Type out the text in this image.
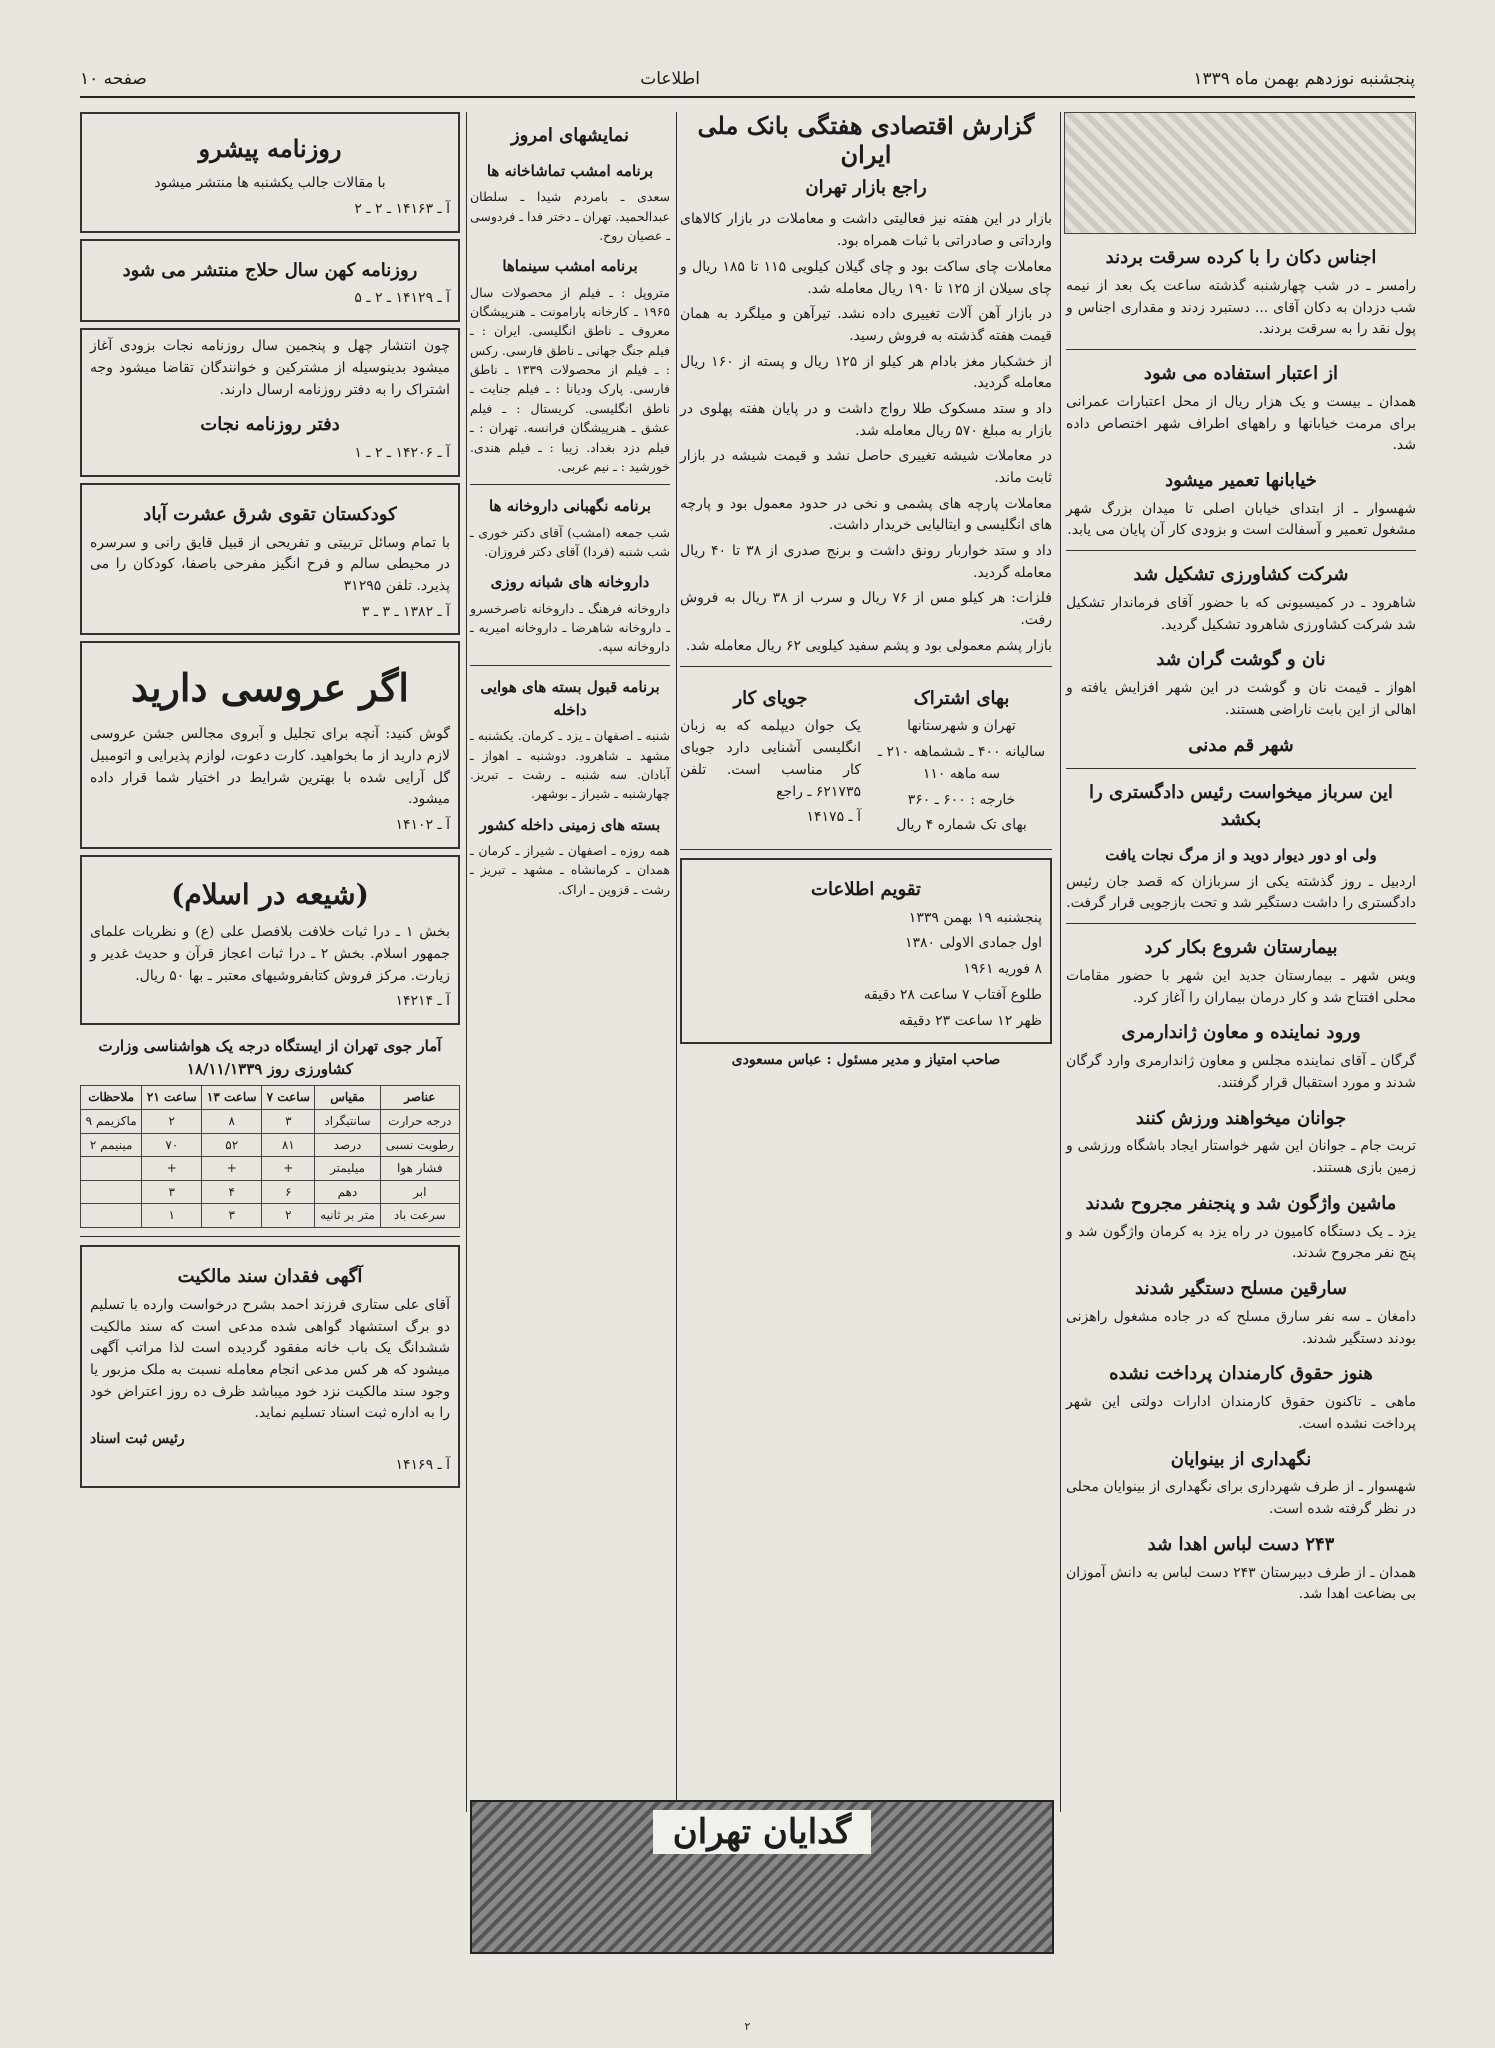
صفحه ۱۰	اطلاعات	پنجشنبه نوزدهم بهمن ماه ۱۳۳۹
اجناس دکان را با کرده سرقت بردند

رامسر ـ در شب چهارشنبه گذشته ساعت یک بعد از نیمه شب دزدان به دکان آقای ... دستبرد زدند و مقداری اجناس و پول نقد را به سرقت بردند.

از اعتبار استفاده می شود

همدان ـ بیست و یک هزار ریال از محل اعتبارات عمرانی برای مرمت خیابانها و راههای اطراف شهر اختصاص داده شد.

خیابانها تعمیر میشود

شهسوار ـ از ابتدای خیابان اصلی تا میدان بزرگ شهر مشغول تعمیر و آسفالت است و بزودی کار آن پایان می یابد.

شرکت کشاورزی تشکیل شد

شاهرود ـ در کمیسیونی که با حضور آقای فرماندار تشکیل شد شرکت کشاورزی شاهرود تشکیل گردید.

نان و گوشت گران شد

اهواز ـ قیمت نان و گوشت در این شهر افزایش یافته و اهالی از این بابت ناراضی هستند.

شهر قم مدنی
این سرباز میخواست رئیس دادگستری را بکشد
ولی او دور دیوار دوید و از مرگ نجات یافت

اردبیل ـ روز گذشته یکی از سربازان که قصد جان رئیس دادگستری را داشت دستگیر شد و تحت بازجویی قرار گرفت.

بیمارستان شروع بکار کرد

ویس شهر ـ بیمارستان جدید این شهر با حضور مقامات محلی افتتاح شد و کار درمان بیماران را آغاز کرد.

ورود نماینده و معاون ژاندارمری

گرگان ـ آقای نماینده مجلس و معاون ژاندارمری وارد گرگان شدند و مورد استقبال قرار گرفتند.

جوانان میخواهند ورزش کنند

تربت جام ـ جوانان این شهر خواستار ایجاد باشگاه ورزشی و زمین بازی هستند.

ماشین واژگون شد و پنجنفر مجروح شدند

یزد ـ یک دستگاه کامیون در راه یزد به کرمان واژگون شد و پنج نفر مجروح شدند.

سارقین مسلح دستگیر شدند

دامغان ـ سه نفر سارق مسلح که در جاده مشغول راهزنی بودند دستگیر شدند.

هنوز حقوق کارمندان پرداخت نشده

ماهی ـ تاکنون حقوق کارمندان ادارات دولتی این شهر پرداخت نشده است.

نگهداری از بینوایان

شهسوار ـ از طرف شهرداری برای نگهداری از بینوایان محلی در نظر گرفته شده است.

۲۴۳ دست لباس اهدا شد

همدان ـ از طرف دبیرستان ۲۴۳ دست لباس به دانش آموزان بی بضاعت اهدا شد.

گزارش اقتصادی هفتگی بانک ملی ایران
راجع بازار تهران

بازار در این هفته نیز فعالیتی داشت و معاملات در بازار کالاهای وارداتی و صادراتی با ثبات همراه بود.

معاملات چای ساکت بود و چای گیلان کیلویی ۱۱۵ تا ۱۸۵ ریال و چای سیلان از ۱۲۵ تا ۱۹۰ ریال معامله شد.

در بازار آهن آلات تغییری داده نشد. تیرآهن و میلگرد به همان قیمت هفته گذشته به فروش رسید.

از خشکبار مغز بادام هر کیلو از ۱۲۵ ریال و پسته از ۱۶۰ ریال معامله گردید.

داد و ستد مسکوک طلا رواج داشت و در پایان هفته پهلوی در بازار به مبلغ ۵۷۰ ریال معامله شد.

در معاملات شیشه تغییری حاصل نشد و قیمت شیشه در بازار ثابت ماند.

معاملات پارچه های پشمی و نخی در حدود معمول بود و پارچه های انگلیسی و ایتالیایی خریدار داشت.

داد و ستد خواربار رونق داشت و برنج صدری از ۳۸ تا ۴۰ ریال معامله گردید.

فلزات: هر کیلو مس از ۷۶ ریال و سرب از ۳۸ ریال به فروش رفت.

بازار پشم معمولی بود و پشم سفید کیلویی ۶۲ ریال معامله شد.

بهای اشتراک

تهران و شهرستانها

سالیانه ۴۰۰ ـ ششماهه ۲۱۰ ـ سه ماهه ۱۱۰

خارجه : ۶۰۰ ـ ۳۶۰

بهای تک شماره ۴ ریال

جویای کار

یک جوان دیپلمه که به زبان انگلیسی آشنایی دارد جویای کار مناسب است. تلفن ۶۲۱۷۳۵ ـ راجع

آ ـ ۱۴۱۷۵

تقویم اطلاعات

پنجشنبه ۱۹ بهمن ۱۳۳۹

اول جمادی الاولی ۱۳۸۰

۸ فوریه ۱۹۶۱

طلوع آفتاب ۷ ساعت ۲۸ دقیقه

ظهر ۱۲ ساعت ۲۳ دقیقه

صاحب امتیاز و مدیر مسئول : عباس مسعودی

نمایشهای امروز
برنامه امشب تماشاخانه ها

سعدی ـ بامردم شیدا ـ سلطان عبدالحمید. تهران ـ دختر فدا ـ فردوسی ـ عصیان روح.

برنامه امشب سینماها

متروپل : ـ فیلم از محصولات سال ۱۹۶۵ ـ کارخانه پارامونت ـ هنرپیشگان معروف ـ ناطق انگلیسی. ایران : ـ فیلم جنگ جهانی ـ ناطق فارسی. رکس : ـ فیلم از محصولات ۱۳۳۹ ـ ناطق فارسی. پارک ودیانا : ـ فیلم جنایت ـ ناطق انگلیسی. کریستال : ـ فیلم عشق ـ هنرپیشگان فرانسه. تهران : ـ فیلم دزد بغداد. زیبا : ـ فیلم هندی. خورشید : ـ نیم عربی.

برنامه نگهبانی داروخانه ها

شب جمعه (امشب) آقای دکتر خوری ـ شب شنبه (فردا) آقای دکتر فروزان.

داروخانه های شبانه روزی

داروخانه فرهنگ ـ داروخانه ناصرخسرو ـ داروخانه شاهرضا ـ داروخانه امیریه ـ داروخانه سپه.

برنامه قبول بسته های هوایی داخله

شنبه ـ اصفهان ـ یزد ـ کرمان. یکشنبه ـ مشهد ـ شاهرود. دوشنبه ـ اهواز ـ آبادان. سه شنبه ـ رشت ـ تبریز. چهارشنبه ـ شیراز ـ بوشهر.

بسته های زمینی داخله کشور

همه روزه ـ اصفهان ـ شیراز ـ کرمان ـ همدان ـ کرمانشاه ـ مشهد ـ تبریز ـ رشت ـ قزوین ـ اراک.

روزنامه پیشرو

با مقالات جالب یکشنبه ها منتشر میشود

آ ـ ۱۴۱۶۳ ـ ۲ ـ ۲

روزنامه کهن سال حلاج منتشر می شود

آ ـ ۱۴۱۲۹ ـ ۲ ـ ۵

چون انتشار چهل و پنجمین سال روزنامه نجات بزودی آغاز میشود بدینوسیله از مشترکین و خوانندگان تقاضا میشود وجه اشتراک را به دفتر روزنامه ارسال دارند.

دفتر روزنامه نجات

آ ـ ۱۴۲۰۶ ـ ۲ ـ ۱

کودکستان تقوی شرق عشرت آباد

با تمام وسائل تربیتی و تفریحی از قبیل قایق رانی و سرسره در محیطی سالم و فرح انگیز مفرحی باصفا، کودکان را می پذیرد. تلفن ۳۱۲۹۵

آ ـ ۱۳۸۲ ـ ۳ ـ ۳

اگر عروسی دارید

گوش کنید: آنچه برای تجلیل و آبروی مجالس جشن عروسی لازم دارید از ما بخواهید. کارت دعوت، لوازم پذیرایی و اتومبیل گل آرایی شده با بهترین شرایط در اختیار شما قرار داده میشود.

آ ـ ۱۴۱۰۲

(شیعه در اسلام)

بخش ۱ ـ درا ثبات خلافت بلافصل علی (ع) و نظریات علمای جمهور اسلام. بخش ۲ ـ درا ثبات اعجاز قرآن و حدیث غدیر و زیارت. مرکز فروش کتابفروشیهای معتبر ـ بها ۵۰ ریال.

آ ـ ۱۴۲۱۴

آمار جوی تهران از ایستگاه درجه یک هواشناسی وزارت کشاورزی روز ۱۸/۱۱/۱۳۳۹
عناصر	مقیاس	ساعت ۷	ساعت ۱۳	ساعت ۲۱	ملاحظات
درجه حرارت	سانتیگراد	۳	۸	۲	ماکزیمم ۹
رطوبت نسبی	درصد	۸۱	۵۲	۷۰	مینیمم ۲
فشار هوا	میلیمتر	+	+	+	
ابر	دهم	۶	۴	۳	
سرعت باد	متر بر ثانیه	۲	۳	۱	
آگهی فقدان سند مالکیت

آقای علی ستاری فرزند احمد بشرح درخواست وارده با تسلیم دو برگ استشهاد گواهی شده مدعی است که سند مالکیت ششدانگ یک باب خانه مفقود گردیده است لذا مراتب آگهی میشود که هر کس مدعی انجام معامله نسبت به ملک مزبور یا وجود سند مالکیت نزد خود میباشد ظرف ده روز اعتراض خود را به اداره ثبت اسناد تسلیم نماید.

رئیس ثبت اسناد

آ ـ ۱۴۱۶۹

گدایان تهران
۲
